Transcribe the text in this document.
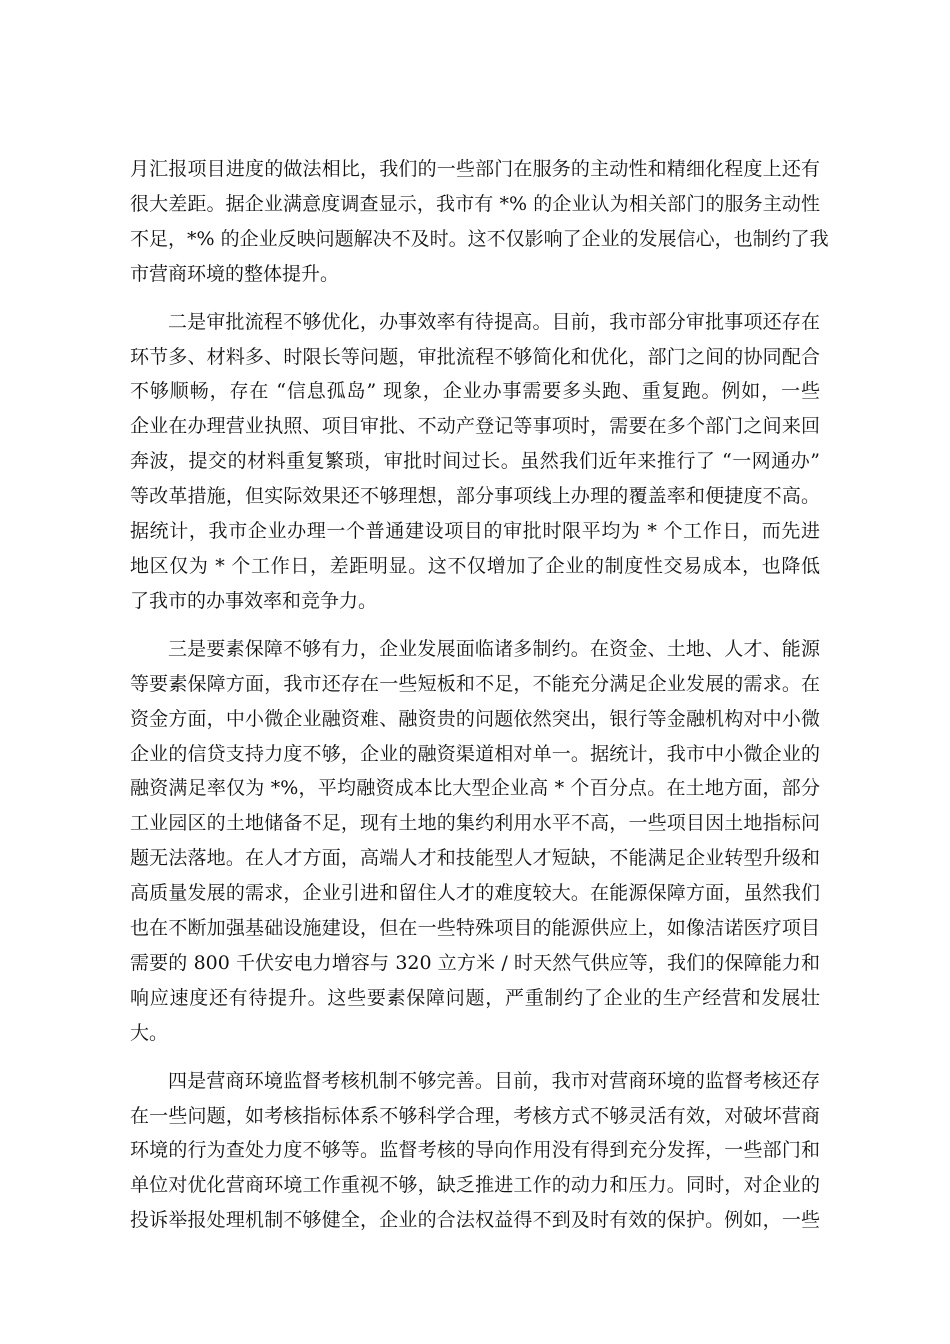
月汇报项目进度的做法相比，我们的一些部门在服务的主动性和精细化程度上还有
很大差距。据企业满意度调查显示，我市有 *% 的企业认为相关部门的服务主动性
不足，*% 的企业反映问题解决不及时。这不仅影响了企业的发展信心，也制约了我
市营商环境的整体提升。
二是审批流程不够优化，办事效率有待提高。目前，我市部分审批事项还存在
环节多、材料多、时限长等问题，审批流程不够简化和优化，部门之间的协同配合
不够顺畅，存在 “信息孤岛” 现象，企业办事需要多头跑、重复跑。例如，一些
企业在办理营业执照、项目审批、不动产登记等事项时，需要在多个部门之间来回
奔波，提交的材料重复繁琐，审批时间过长。虽然我们近年来推行了 “一网通办”
等改革措施，但实际效果还不够理想，部分事项线上办理的覆盖率和便捷度不高。
据统计，我市企业办理一个普通建设项目的审批时限平均为 * 个工作日，而先进
地区仅为 * 个工作日，差距明显。这不仅增加了企业的制度性交易成本，也降低
了我市的办事效率和竞争力。
三是要素保障不够有力，企业发展面临诸多制约。在资金、土地、人才、能源
等要素保障方面，我市还存在一些短板和不足，不能充分满足企业发展的需求。在
资金方面，中小微企业融资难、融资贵的问题依然突出，银行等金融机构对中小微
企业的信贷支持力度不够，企业的融资渠道相对单一。据统计，我市中小微企业的
融资满足率仅为 *%，平均融资成本比大型企业高 * 个百分点。在土地方面，部分
工业园区的土地储备不足，现有土地的集约利用水平不高，一些项目因土地指标问
题无法落地。在人才方面，高端人才和技能型人才短缺，不能满足企业转型升级和
高质量发展的需求，企业引进和留住人才的难度较大。在能源保障方面，虽然我们
也在不断加强基础设施建设，但在一些特殊项目的能源供应上，如像洁诺医疗项目
需要的 800 千伏安电力增容与 320 立方米 / 时天然气供应等，我们的保障能力和
响应速度还有待提升。这些要素保障问题，严重制约了企业的生产经营和发展壮
大。
四是营商环境监督考核机制不够完善。目前，我市对营商环境的监督考核还存
在一些问题，如考核指标体系不够科学合理，考核方式不够灵活有效，对破坏营商
环境的行为查处力度不够等。监督考核的导向作用没有得到充分发挥，一些部门和
单位对优化营商环境工作重视不够，缺乏推进工作的动力和压力。同时，对企业的
投诉举报处理机制不够健全，企业的合法权益得不到及时有效的保护。例如，一些
